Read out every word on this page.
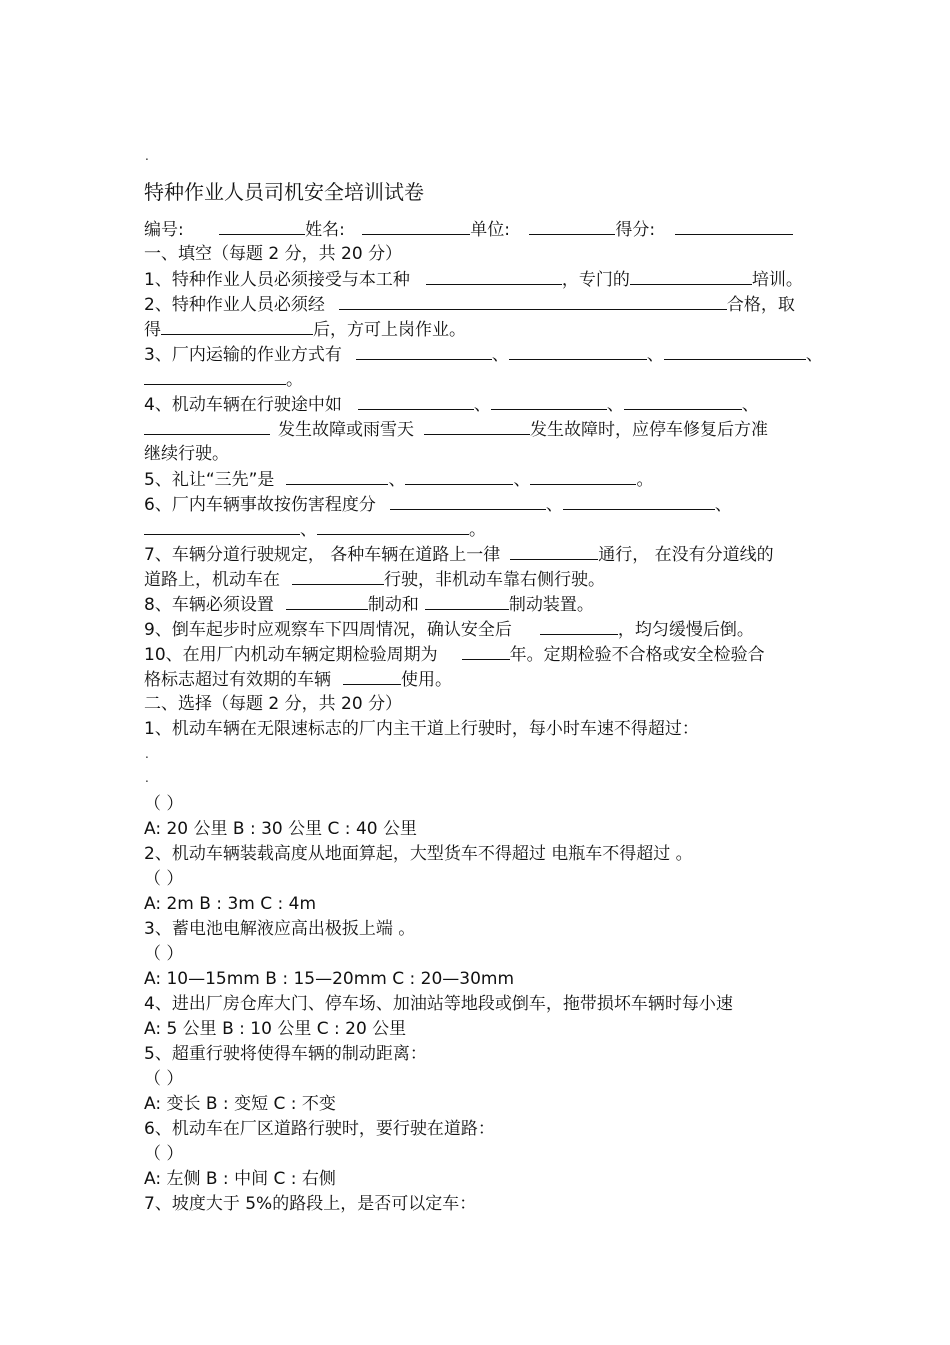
.
特种作业人员司机安全培训试卷
编号:	姓名:	单位:	得分:
一、填空（每题 2 分，共 20 分）
1、特种作业人员必须接受与本工种	，专门的	培训。
2、特种作业人员必须经	合格，取
得	后，方可上岗作业。
3、厂内运输的作业方式有	、	、	、
。
4、机动车辆在行驶途中如	、	、	、
发生故障或雨雪天	发生故障时，应停车修复后方准
继续行驶。
5、礼让“三先”是	、	、	。
6、厂内车辆事故按伤害程度分	、	、
、	。
7、车辆分道行驶规定， 各种车辆在道路上一律	通行， 在没有分道线的
道路上，机动车在	行驶，非机动车靠右侧行驶。
8、车辆必须设置	制动和	制动装置。
9、倒车起步时应观察车下四周情况，确认安全后	，均匀缓慢后倒。
10、在用厂内机动车辆定期检验周期为	年。定期检验不合格或安全检验合
格标志超过有效期的车辆	使用。
二、选择（每题 2 分，共 20 分）
1、机动车辆在无限速标志的厂内主干道上行驶时，每小时车速不得超过：
.
.
（ ）
A: 20 公里 B : 30 公里 C : 40 公里
2、机动车辆装载高度从地面算起，大型货车不得超过 电瓶车不得超过 。
（ ）
A: 2m B : 3m C : 4m
3、蓄电池电解液应高出极扳上端 。
（ ）
A: 10—15mm B : 15—20mm C : 20—30mm
4、进出厂房仓库大门、停车场、加油站等地段或倒车，拖带损坏车辆时每小速
A: 5 公里 B : 10 公里 C : 20 公里
5、超重行驶将使得车辆的制动距离：
（ ）
A: 变长 B : 变短 C : 不变
6、机动车在厂区道路行驶时，要行驶在道路：
（ ）
A: 左侧 B : 中间 C : 右侧
7、坡度大于 5%的路段上，是否可以定车：
